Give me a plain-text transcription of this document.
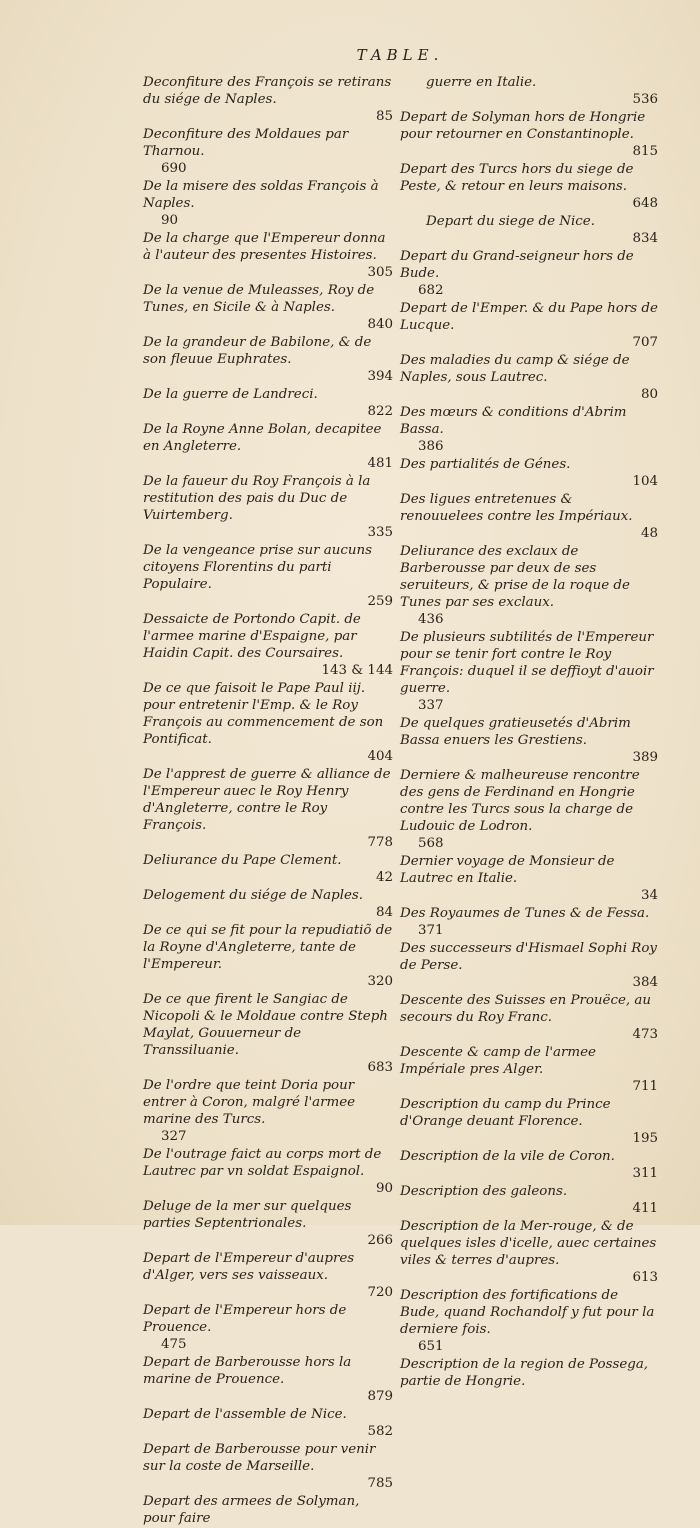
TABLE.
Deconfiture des François se retirans du siége de Naples.
85
Deconfiture des Moldaues par Tharnou.
690
De la misere des soldas François à Naples.
90
De la charge que l'Empereur donna à l'auteur des presentes Histoires.
305
De la venue de Muleasses, Roy de Tunes, en Sicile & à Naples.
840
De la grandeur de Babilone, & de son fleuue Euphrates.
394
De la guerre de Landreci.
822
De la Royne Anne Bolan, decapitee en Angleterre.
481
De la faueur du Roy François à la restitution des pais du Duc de Vuirtemberg.
335
De la vengeance prise sur aucuns citoyens Florentins du parti Populaire.
259
Dessaicte de Portondo Capit. de l'armee marine d'Espaigne, par Haidin Capit. des Coursaires.
143 & 144
De ce que faisoit le Pape Paul iij. pour entretenir l'Emp. & le Roy François au commencement de son Pontificat.
404
De l'apprest de guerre & alliance de l'Empereur auec le Roy Henry d'Angleterre, contre le Roy François.
778
Deliurance du Pape Clement.
42
Delogement du siége de Naples.
84
De ce qui se fit pour la repudiatiõ de la Royne d'Angleterre, tante de l'Empereur.
320
De ce que firent le Sangiac de Nicopoli & le Moldaue contre Steph Maylat, Gouuerneur de Transsiluanie.
683
De l'ordre que teint Doria pour entrer à Coron, malgré l'armee marine des Turcs.
327
De l'outrage faict au corps mort de Lautrec par vn soldat Espaignol.
90
Deluge de la mer sur quelques parties Septentrionales.
266
Depart de l'Empereur d'aupres d'Alger, vers ses vaisseaux.
720
Depart de l'Empereur hors de Prouence.
475
Depart de Barberousse hors la marine de Prouence.
879
Depart de l'assemble de Nice.
582
Depart de Barberousse pour venir sur la coste de Marseille.
785
Depart des armees de Solyman, pour faire
guerre en Italie.
536
Depart de Solyman hors de Hongrie pour retourner en Constantinople.
815
Depart des Turcs hors du siege de Peste, & retour en leurs maisons.
648
Depart du siege de Nice.
834
Depart du Grand-seigneur hors de Bude.
682
Depart de l'Emper. & du Pape hors de Lucque.
707
Des maladies du camp & siége de Naples, sous Lautrec.
80
Des mœurs & conditions d'Abrim Bassa.
386
Des partialités de Génes.
104
Des ligues entretenues & renouuelees contre les Impériaux.
48
Deliurance des exclaux de Barberousse par deux de ses seruiteurs, & prise de la roque de Tunes par ses exclaux.
436
De plusieurs subtilités de l'Empereur pour se tenir fort contre le Roy François: duquel il se deffioyt d'auoir guerre.
337
De quelques gratieusetés d'Abrim Bassa enuers les Grestiens.
389
Derniere & malheureuse rencontre des gens de Ferdinand en Hongrie contre les Turcs sous la charge de Ludouic de Lodron.
568
Dernier voyage de Monsieur de Lautrec en Italie.
34
Des Royaumes de Tunes & de Fessa.
371
Des successeurs d'Hismael Sophi Roy de Perse.
384
Descente des Suisses en Prouëce, au secours du Roy Franc.
473
Descente & camp de l'armee Impériale pres Alger.
711
Description du camp du Prince d'Orange deuant Florence.
195
Description de la vile de Coron.
311
Description des galeons.
411
Description de la Mer-rouge, & de quelques isles d'icelle, auec certaines viles & terres d'aupres.
613
Description des fortifications de Bude, quand Rochandolf y fut pour la derniere fois.
651
Description de la region de Possega, partie de Hongrie.
